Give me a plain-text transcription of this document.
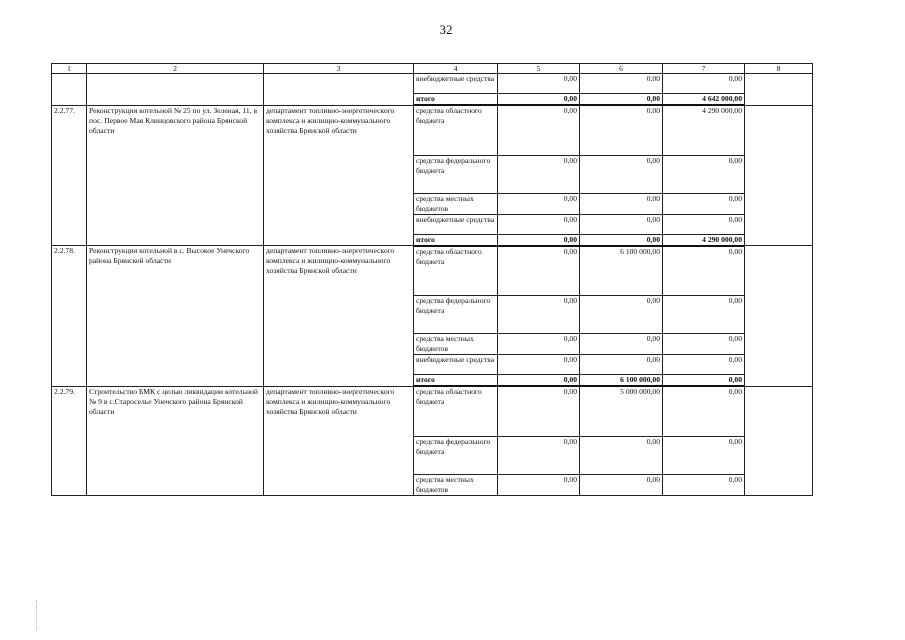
32
1	2	3	4	5	6	7	8
			внебюджетные средства	0,00	0,00	0,00	
			итого	0,00	0,00	4 642 000,00	
2.2.77.	Реконструкция котельной № 25 по ул. Зеленая, 11, в пос. Первое Мая Клинцовского района Брянской области	департамент топливно-энергетического комплекса и жилищно-коммунального хозяйства Брянской области	средства областного бюджета	0,00	0,00	4 290 000,00	
			средства федерального бюджета	0,00	0,00	0,00	
			средства местных бюджетов	0,00	0,00	0,00	
			внебюджетные средства	0,00	0,00	0,00	
			итого	0,00	0,00	4 290 000,00	
2.2.78.	Реконструкция котельной в с. Высокое Унечского района Брянской области	департамент топливно-энергетического комплекса и жилищно-коммунального хозяйства Брянской области	средства областного бюджета	0,00	6 100 000,00	0,00	
			средства федерального бюджета	0,00	0,00	0,00	
			средства местных бюджетов	0,00	0,00	0,00	
			внебюджетные средства	0,00	0,00	0,00	
			итого	0,00	6 100 000,00	0,00	
2.2.79.	Строительство БМК с целью ликвидации котельной № 9 в с.Староселье Унечского района Брянской области	департамент топливно-энергетического комплекса и жилищно-коммунального хозяйства Брянской области	средства областного бюджета	0,00	5 000 000,00	0,00	
			средства федерального бюджета	0,00	0,00	0,00	
			средства местных бюджетов	0,00	0,00	0,00	
